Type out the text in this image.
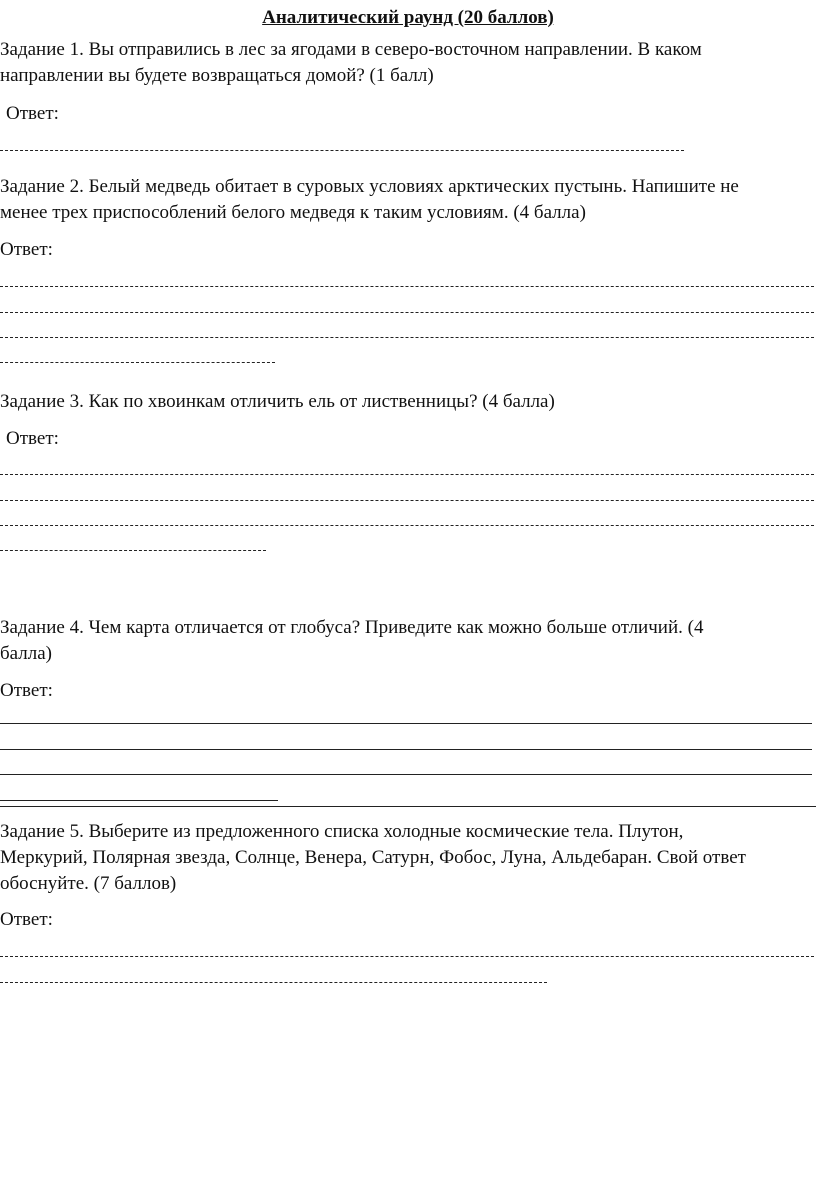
Аналитический раунд (20 баллов)
Задание 1. Вы отправились в лес за ягодами в северо-восточном направлении. В каком
направлении вы будете возвращаться домой? (1 балл)
Ответ:
Задание 2. Белый медведь обитает в суровых условиях арктических пустынь. Напишите не
менее трех приспособлений белого медведя к таким условиям. (4 балла)
Ответ:
Задание 3. Как по хвоинкам отличить ель от лиственницы? (4 балла)
Ответ:
Задание 4. Чем карта отличается от глобуса? Приведите как можно больше отличий. (4
балла)
Ответ:
Задание 5. Выберите из предложенного списка холодные космические тела. Плутон,
Меркурий, Полярная звезда, Солнце, Венера, Сатурн, Фобос, Луна, Альдебаран. Свой ответ
обоснуйте. (7 баллов)
Ответ:
